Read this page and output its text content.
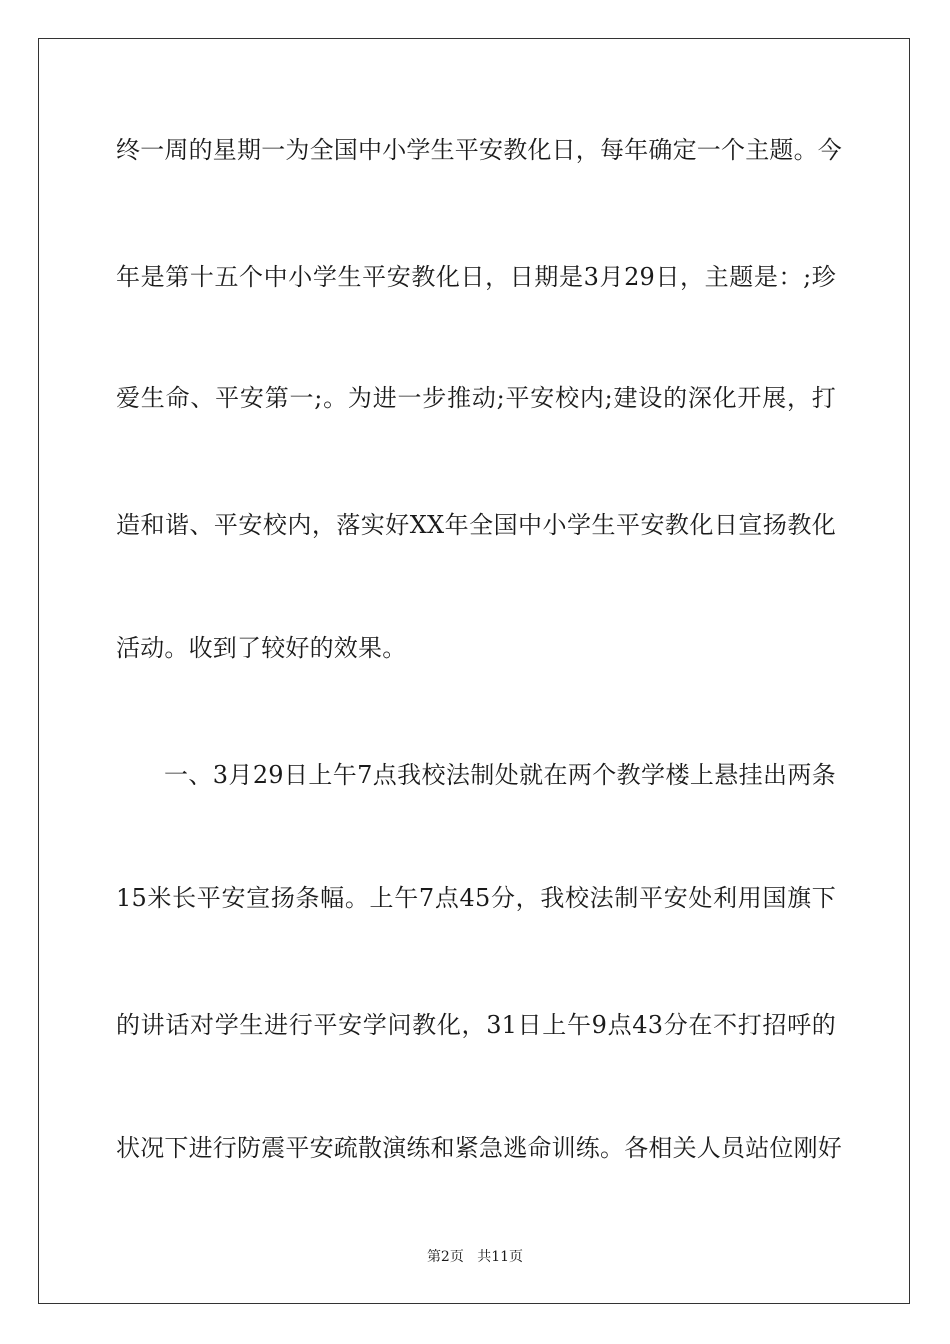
终一周的星期一为全国中小学生平安教化日，每年确定一个主题。今
年是第十五个中小学生平安教化日，日期是3月29日，主题是：;珍
爱生命、平安第一;。为进一步推动;平安校内;建设的深化开展，打
造和谐、平安校内，落实好XX年全国中小学生平安教化日宣扬教化
活动。收到了较好的效果。
一、3月29日上午7点我校法制处就在两个教学楼上悬挂出两条
15米长平安宣扬条幅。上午7点45分，我校法制平安处利用国旗下
的讲话对学生进行平安学问教化，31日上午9点43分在不打招呼的
状况下进行防震平安疏散演练和紧急逃命训练。各相关人员站位刚好
第2页 共11页
